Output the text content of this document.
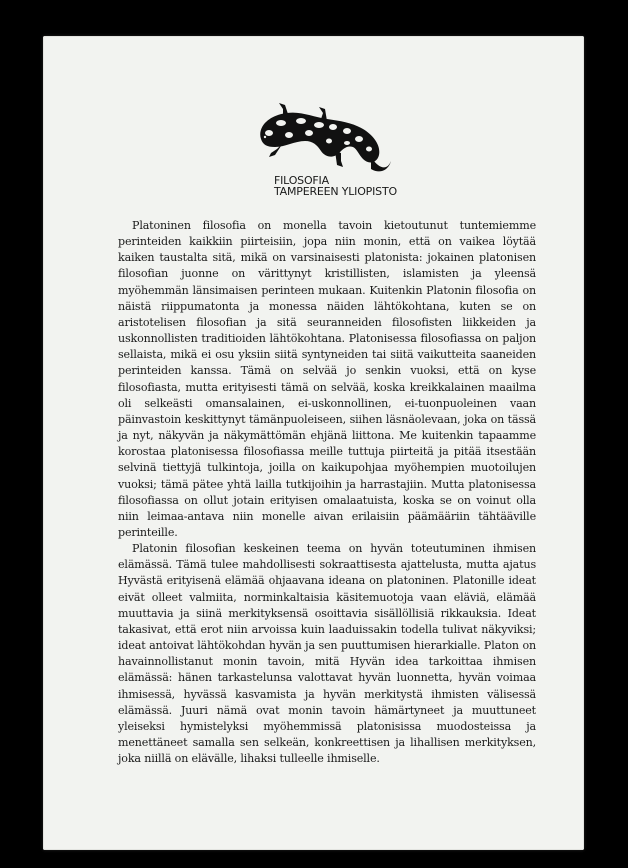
FILOSOFIA
TAMPEREEN YLIOPISTO

Platoninen filosofia on monella tavoin kietoutunut tuntemiemme perinteiden kaikkiin piirteisiin, jopa niin monin, että on vaikea löytää kaiken taustalta sitä, mikä on varsinaisesti platonista: jokainen platonisen filosofian juonne on värittynyt kristillisten, islamisten ja yleensä myöhemmän länsimaisen perinteen mukaan. Kuitenkin Platonin filosofia on näistä riippumatonta ja monessa näiden lähtökohtana, kuten se on aristotelisen filosofian ja sitä seuranneiden filosofisten liikkeiden ja uskonnollisten traditioiden lähtökohtana. Platonisessa filosofiassa on paljon sellaista, mikä ei osu yksiin siitä syntyneiden tai siitä vaikutteita saaneiden perinteiden kanssa. Tämä on selvää jo senkin vuoksi, että on kyse filosofiasta, mutta erityisesti tämä on selvää, koska kreikkalainen maailma oli selkeästi omansalainen, ei-uskonnollinen, ei-tuonpuoleinen vaan päinvastoin keskittynyt tämänpuoleiseen, siihen läsnäolevaan, joka on tässä ja nyt, näkyvän ja näkymättömän ehjänä liittona. Me kuitenkin tapaamme korostaa platonisessa filosofiassa meille tuttuja piirteitä ja pitää itsestään selvinä tiettyjä tulkintoja, joilla on kaikupohjaa myöhempien muotoilujen vuoksi; tämä pätee yhtä lailla tutkijoihin ja harrastajiin. Mutta platonisessa filosofiassa on ollut jotain erityisen omalaatuista, koska se on voinut olla niin leimaa-antava niin monelle aivan erilaisiin päämääriin tähtääville perinteille.

Platonin filosofian keskeinen teema on hyvän toteutuminen ihmisen elämässä. Tämä tulee mahdollisesti sokraattisesta ajattelusta, mutta ajatus Hyvästä erityisenä elämää ohjaavana ideana on platoninen. Platonille ideat eivät olleet valmiita, norminkaltaisia käsitemuotoja vaan eläviä, elämää muuttavia ja siinä merkityksensä osoittavia sisällöllisiä rikkauksia. Ideat takasivat, että erot niin arvoissa kuin laaduissakin todella tulivat näkyviksi; ideat antoivat lähtökohdan hyvän ja sen puuttumisen hierarkialle. Platon on havainnollistanut monin tavoin, mitä Hyvän idea tarkoittaa ihmisen elämässä: hänen tarkastelunsa valottavat hyvän luonnetta, hyvän voimaa ihmisessä, hyvässä kasvamista ja hyvän merkitystä ihmisten välisessä elämässä. Juuri nämä ovat monin tavoin hämärtyneet ja muuttuneet yleiseksi hymistelyksi myöhemmissä platonisissa muodosteissa ja menettäneet samalla sen selkeän, konkreettisen ja lihallisen merkityksen, joka niillä on elävälle, lihaksi tulleelle ihmiselle.
